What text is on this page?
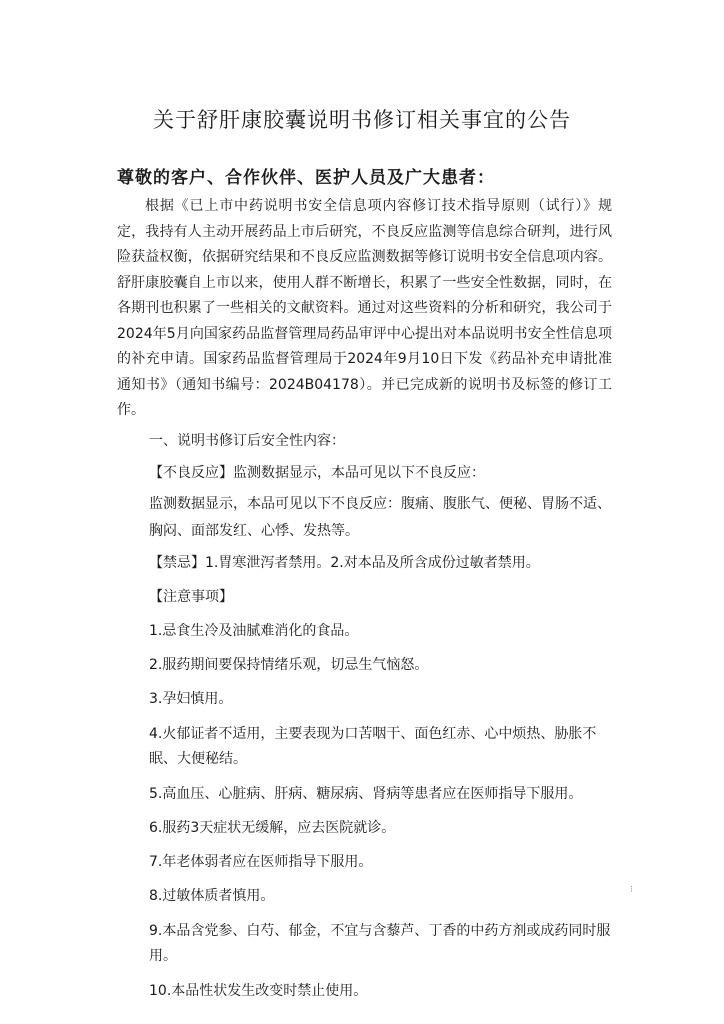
关于舒肝康胶囊说明书修订相关事宜的公告
尊敬的客户、合作伙伴、医护人员及广大患者：
根据《已上市中药说明书安全信息项内容修订技术指导原则（试行）》规定，我持有人主动开展药品上市后研究，不良反应监测等信息综合研判，进行风险获益权衡，依据研究结果和不良反应监测数据等修订说明书安全信息项内容。舒肝康胶囊自上市以来，使用人群不断增长，积累了一些安全性数据，同时，在各期刊也积累了一些相关的文献资料。通过对这些资料的分析和研究，我公司于2024年5月向国家药品监督管理局药品审评中心提出对本品说明书安全性信息项的补充申请。国家药品监督管理局于2024年9月10日下发《药品补充申请批准通知书》（通知书编号：2024B04178）。并已完成新的说明书及标签的修订工作。

一、说明书修订后安全性内容：

【不良反应】监测数据显示，本品可见以下不良反应：

监测数据显示，本品可见以下不良反应：腹痛、腹胀气、便秘、胃肠不适、胸闷、面部发红、心悸、发热等。

【禁忌】1.胃寒泄泻者禁用。2.对本品及所含成份过敏者禁用。

【注意事项】

1.忌食生冷及油腻难消化的食品。

2.服药期间要保持情绪乐观，切忌生气恼怒。

3.孕妇慎用。

4.火郁证者不适用，主要表现为口苦咽干、面色红赤、心中烦热、胁胀不眠、大便秘结。

5.高血压、心脏病、肝病、糖尿病、肾病等患者应在医师指导下服用。

6.服药3天症状无缓解，应去医院就诊。

7.年老体弱者应在医师指导下服用。

8.过敏体质者慎用。

9.本品含党参、白芍、郁金，不宜与含藜芦、丁香的中药方剂或成药同时服用。

10.本品性状发生改变时禁止使用。

⁝
